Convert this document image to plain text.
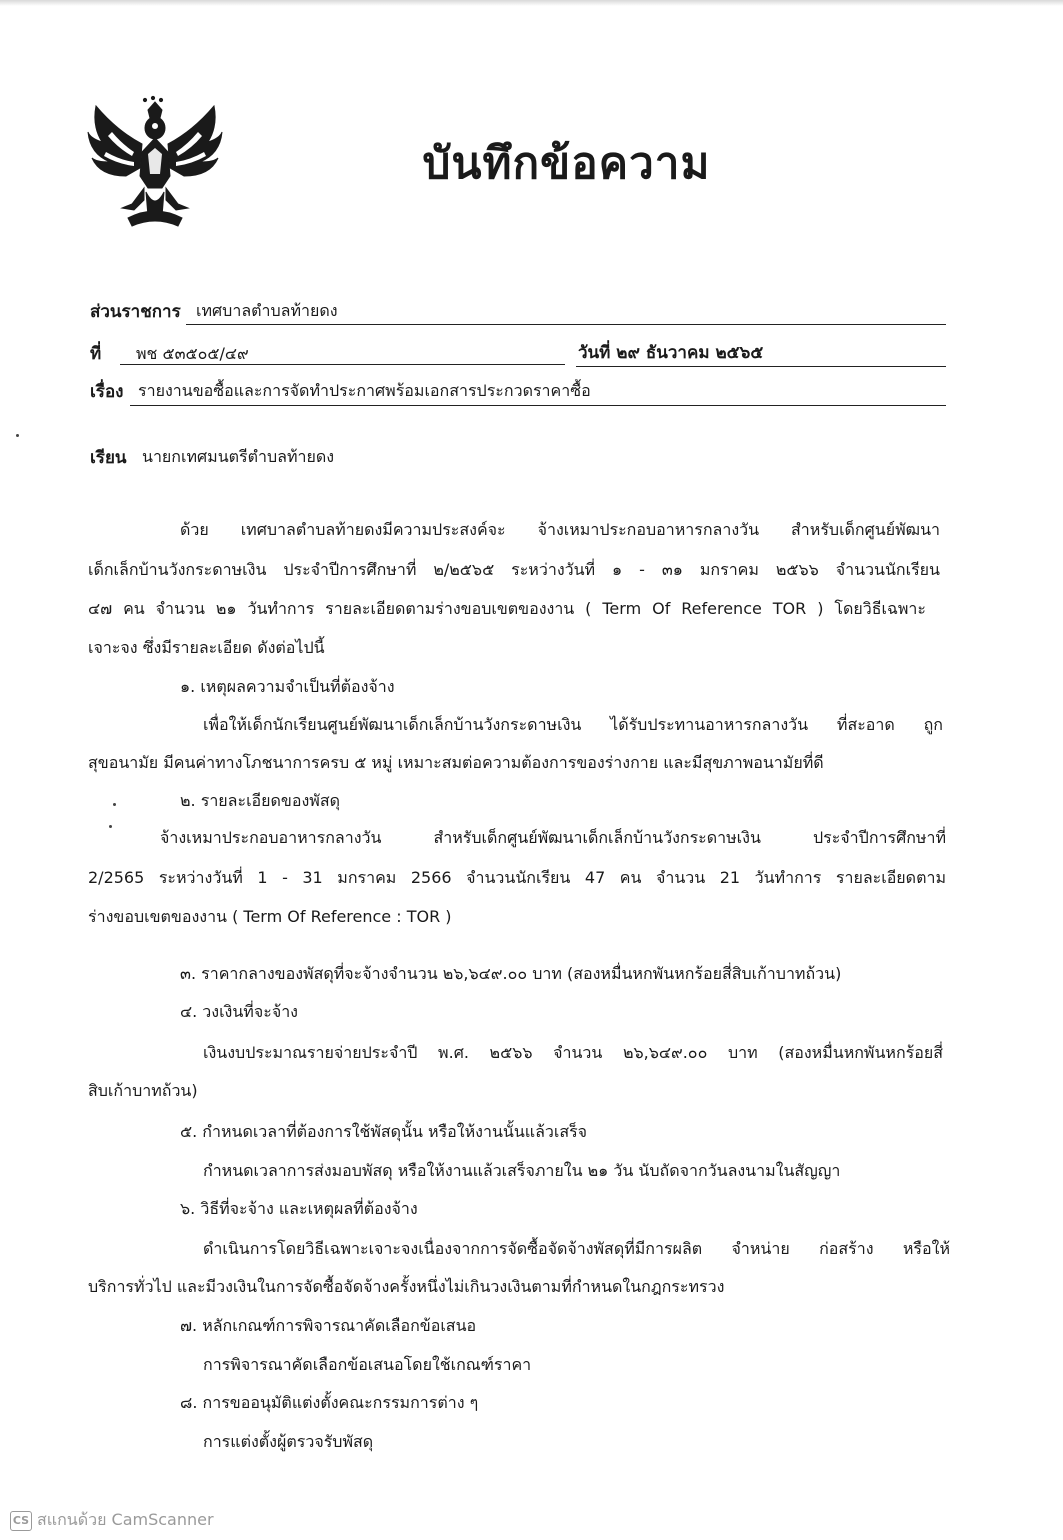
บันทึกข้อความ
ส่วนราชการ เทศบาลตำบลท้ายดง
ที่ พช ๕๓๕๐๕/๔๙	วันที่ ๒๙ ธันวาคม ๒๕๖๕
เรื่อง รายงานขอซื้อและการจัดทำประกาศพร้อมเอกสารประกวดราคาซื้อ
เรียน นายกเทศมนตรีตำบลท้ายดง
ด้วย เทศบาลตำบลท้ายดงมีความประสงค์จะ จ้างเหมาประกอบอาหารกลางวัน สำหรับเด็กศูนย์พัฒนา
เด็กเล็กบ้านวังกระดาษเงิน ประจำปีการศึกษาที่ ๒/๒๕๖๕ ระหว่างวันที่ ๑ - ๓๑ มกราคม ๒๕๖๖ จำนวนนักเรียน
๔๗ คน จำนวน ๒๑ วันทำการ รายละเอียดตามร่างขอบเขตของงาน ( Term Of Reference TOR ) โดยวิธีเฉพาะ
เจาะจง ซึ่งมีรายละเอียด ดังต่อไปนี้
๑. เหตุผลความจำเป็นที่ต้องจ้าง
เพื่อให้เด็กนักเรียนศูนย์พัฒนาเด็กเล็กบ้านวังกระดาษเงิน ได้รับประทานอาหารกลางวัน ที่สะอาด ถูก
สุขอนามัย มีคนค่าทางโภชนาการครบ ๕ หมู่ เหมาะสมต่อความต้องการของร่างกาย และมีสุขภาพอนามัยที่ดี
๒. รายละเอียดของพัสดุ
จ้างเหมาประกอบอาหารกลางวัน สำหรับเด็กศูนย์พัฒนาเด็กเล็กบ้านวังกระดาษเงิน ประจำปีการศึกษาที่
2/2565 ระหว่างวันที่ 1 - 31 มกราคม 2566 จำนวนนักเรียน 47 คน จำนวน 21 วันทำการ รายละเอียดตาม
ร่างขอบเขตของงาน ( Term Of Reference : TOR )
๓. ราคากลางของพัสดุที่จะจ้างจำนวน ๒๖,๖๔๙.๐๐ บาท (สองหมื่นหกพันหกร้อยสี่สิบเก้าบาทถ้วน)
๔. วงเงินที่จะจ้าง
เงินงบประมาณรายจ่ายประจำปี พ.ศ. ๒๕๖๖ จำนวน ๒๖,๖๔๙.๐๐ บาท (สองหมื่นหกพันหกร้อยสี่
สิบเก้าบาทถ้วน)
๕. กำหนดเวลาที่ต้องการใช้พัสดุนั้น หรือให้งานนั้นแล้วเสร็จ
กำหนดเวลาการส่งมอบพัสดุ หรือให้งานแล้วเสร็จภายใน ๒๑ วัน นับถัดจากวันลงนามในสัญญา
๖. วิธีที่จะจ้าง และเหตุผลที่ต้องจ้าง
ดำเนินการโดยวิธีเฉพาะเจาะจงเนื่องจากการจัดซื้อจัดจ้างพัสดุที่มีการผลิต จำหน่าย ก่อสร้าง หรือให้
บริการทั่วไป และมีวงเงินในการจัดซื้อจัดจ้างครั้งหนึ่งไม่เกินวงเงินตามที่กำหนดในกฎกระทรวง
๗. หลักเกณฑ์การพิจารณาคัดเลือกข้อเสนอ
การพิจารณาคัดเลือกข้อเสนอโดยใช้เกณฑ์ราคา
๘. การขออนุมัติแต่งตั้งคณะกรรมการต่าง ๆ
การแต่งตั้งผู้ตรวจรับพัสดุ
CS สแกนด้วย CamScanner
